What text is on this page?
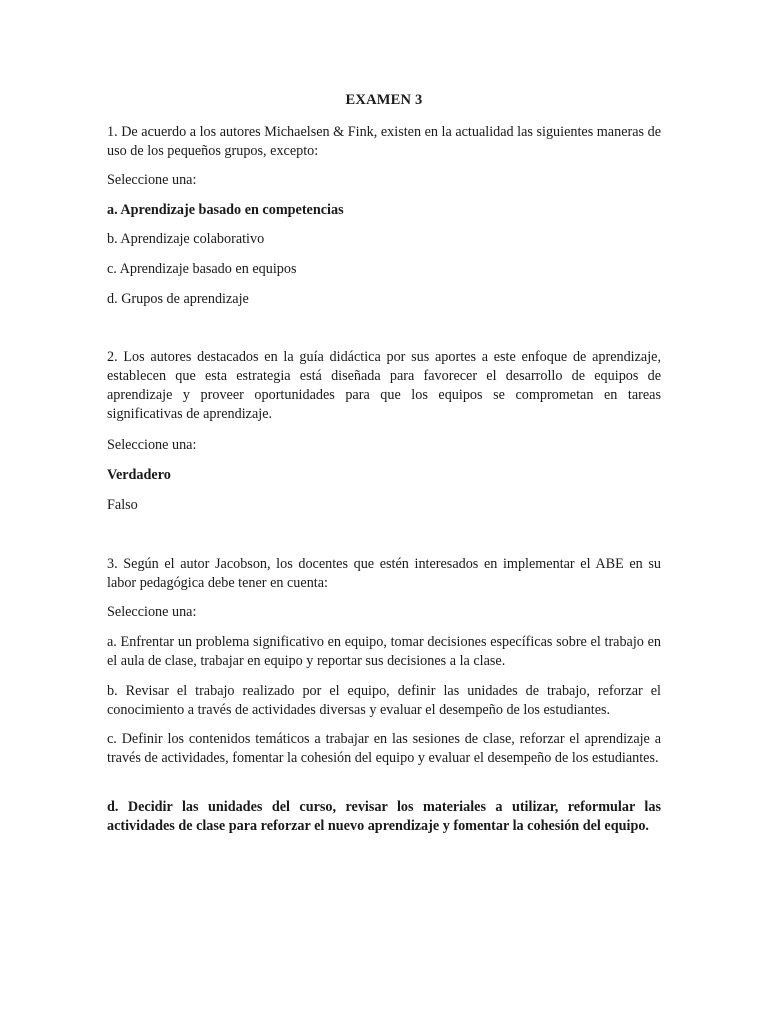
EXAMEN 3
1. De acuerdo a los autores Michaelsen & Fink, existen en la actualidad las siguientes maneras de uso de los pequeños grupos, excepto:
Seleccione una:
a. Aprendizaje basado en competencias
b. Aprendizaje colaborativo
c. Aprendizaje basado en equipos
d. Grupos de aprendizaje
2. Los autores destacados en la guía didáctica por sus aportes a este enfoque de aprendizaje, establecen que esta estrategia está diseñada para favorecer el desarrollo de equipos de aprendizaje y proveer oportunidades para que los equipos se comprometan en tareas significativas de aprendizaje.
Seleccione una:
Verdadero
Falso
3. Según el autor Jacobson, los docentes que estén interesados en implementar el ABE en su labor pedagógica debe tener en cuenta:
Seleccione una:
a. Enfrentar un problema significativo en equipo, tomar decisiones específicas sobre el trabajo en el aula de clase, trabajar en equipo y reportar sus decisiones a la clase.
b. Revisar el trabajo realizado por el equipo, definir las unidades de trabajo, reforzar el conocimiento a través de actividades diversas y evaluar el desempeño de los estudiantes.
c. Definir los contenidos temáticos a trabajar en las sesiones de clase, reforzar el aprendizaje a través de actividades, fomentar la cohesión del equipo y evaluar el desempeño de los estudiantes.
d. Decidir las unidades del curso, revisar los materiales a utilizar, reformular las actividades de clase para reforzar el nuevo aprendizaje y fomentar la cohesión del equipo.
